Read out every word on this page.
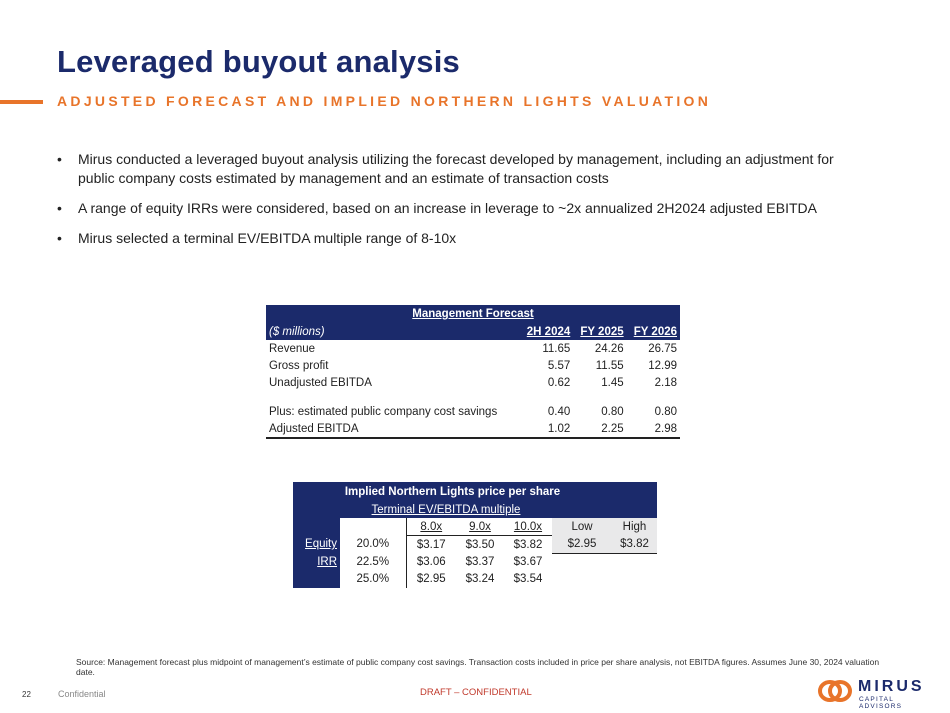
Leveraged buyout analysis
ADJUSTED FORECAST AND IMPLIED NORTHERN LIGHTS VALUATION
• Mirus conducted a leveraged buyout analysis utilizing the forecast developed by management, including an adjustment for public company costs estimated by management and an estimate of transaction costs
• A range of equity IRRs were considered, based on an increase in leverage to ~2x annualized 2H2024 adjusted EBITDA
• Mirus selected a terminal EV/EBITDA multiple range of 8-10x
Management Forecast			
($ millions)	2H 2024	FY 2025	FY 2026
Revenue	11.65	24.26	26.75
Gross profit	5.57	11.55	12.99
Unadjusted EBITDA	0.62	1.45	2.18

Plus: estimated public company cost savings	0.40	0.80	0.80
Adjusted EBITDA	1.02	2.25	2.98
Implied Northern Lights price per share						
	Terminal EV/EBITDA multiple					
		8.0x	9.0x	10.0x	Low	High
Equity	20.0%	$3.17	$3.50	$3.82	$2.95	$3.82
IRR	22.5%	$3.06	$3.37	$3.67		
	25.0%	$2.95	$3.24	$3.54		
Source: Management forecast plus midpoint of management’s estimate of public company cost savings. Transaction costs included in price per share analysis, not EBITDA figures. Assumes June 30, 2024 valuation date.
22	Confidential	DRAFT – CONFIDENTIAL	MIRUS
CAPITAL ADVISORS
